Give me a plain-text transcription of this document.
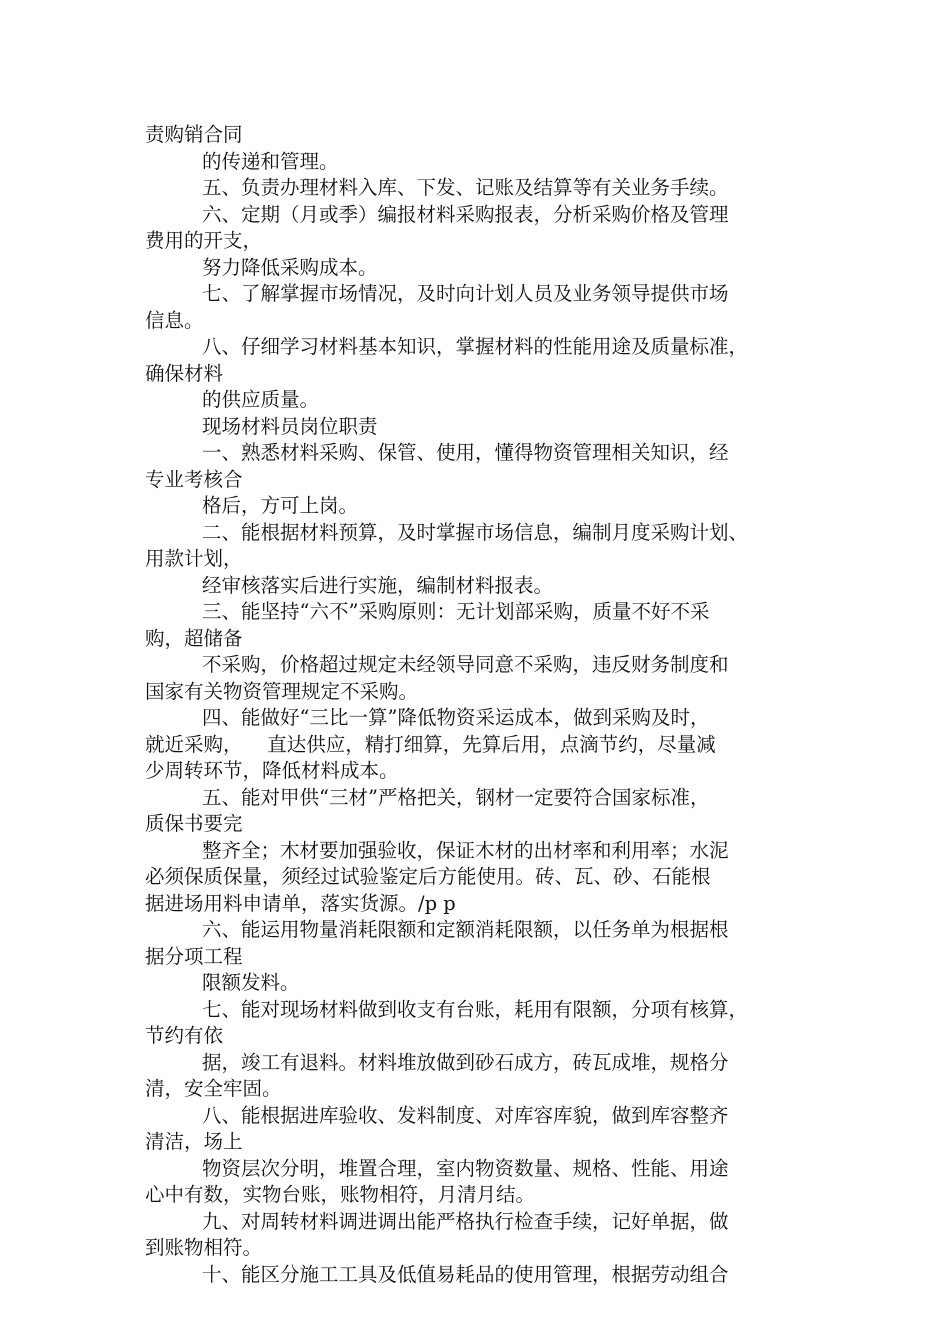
责购销合同
的传递和管理。
五、负责办理材料入库、下发、记账及结算等有关业务手续。
六、定期（月或季）编报材料采购报表，分析采购价格及管理
费用的开支，
努力降低采购成本。
七、了解掌握市场情况，及时向计划人员及业务领导提供市场
信息。
八、仔细学习材料基本知识，掌握材料的性能用途及质量标准，
确保材料
的供应质量。
现场材料员岗位职责
一、熟悉材料采购、保管、使用，懂得物资管理相关知识，经
专业考核合
格后，方可上岗。
二、能根据材料预算，及时掌握市场信息，编制月度采购计划、
用款计划，
经审核落实后进行实施，编制材料报表。
三、能坚持“六不”采购原则：无计划部采购，质量不好不采
购，超储备
不采购，价格超过规定未经领导同意不采购，违反财务制度和
国家有关物资管理规定不采购。
四、能做好“三比一算”降低物资采运成本，做到采购及时，
就近采购，    直达供应，精打细算，先算后用，点滴节约，尽量减
少周转环节，降低材料成本。
五、能对甲供“三材”严格把关，钢材一定要符合国家标准，
质保书要完
整齐全；木材要加强验收，保证木材的出材率和利用率；水泥
必须保质保量，须经过试验鉴定后方能使用。砖、瓦、砂、石能根
据进场用料申请单，落实货源。/p p
六、能运用物量消耗限额和定额消耗限额，以任务单为根据根
据分项工程
限额发料。
七、能对现场材料做到收支有台账，耗用有限额，分项有核算，
节约有依
据，竣工有退料。材料堆放做到砂石成方，砖瓦成堆，规格分
清，安全牢固。
八、能根据进库验收、发料制度、对库容库貌，做到库容整齐
清洁，场上
物资层次分明，堆置合理，室内物资数量、规格、性能、用途
心中有数，实物台账，账物相符，月清月结。
九、对周转材料调进调出能严格执行检查手续，记好单据，做
到账物相符。
十、能区分施工工具及低值易耗品的使用管理，根据劳动组合
